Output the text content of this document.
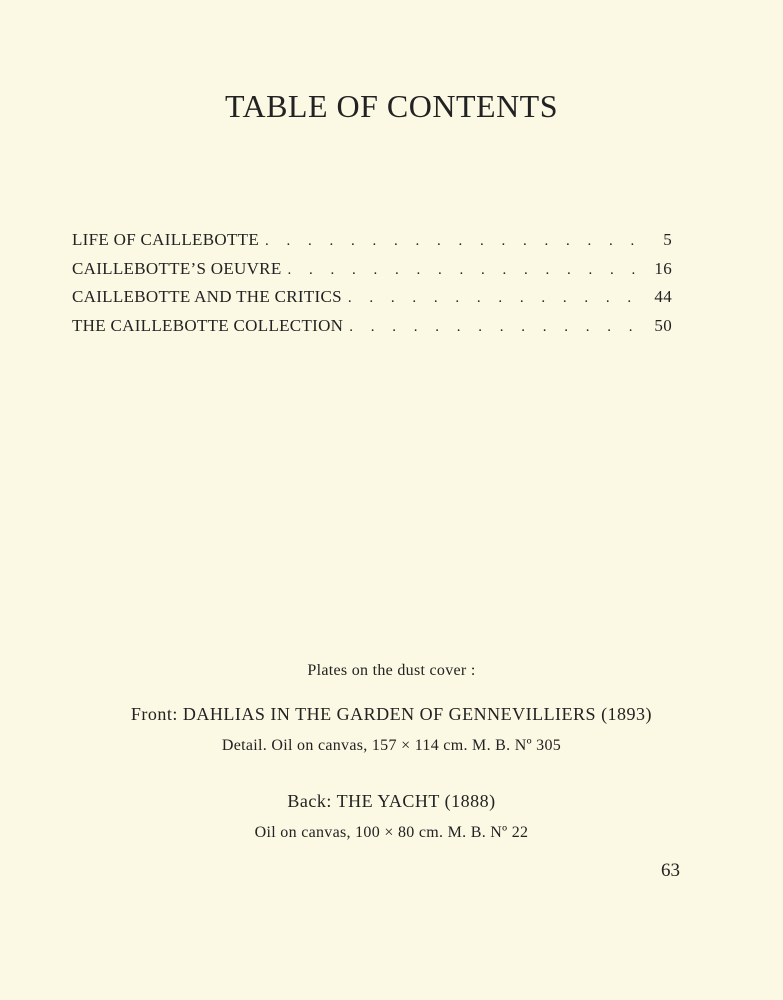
TABLE OF CONTENTS
LIFE OF CAILLEBOTTE . . .	5
CAILLEBOTTE’S OEUVRE . . .	16
CAILLEBOTTE AND THE CRITICS . . .	44
THE CAILLEBOTTE COLLECTION . . .	50

Plates on the dust cover :

Front: DAHLIAS IN THE GARDEN OF GENNEVILLIERS (1893)

Detail. Oil on canvas, 157 × 114 cm. M. B. Nº 305

Back: THE YACHT (1888)

Oil on canvas, 100 × 80 cm. M. B. Nº 22

63
